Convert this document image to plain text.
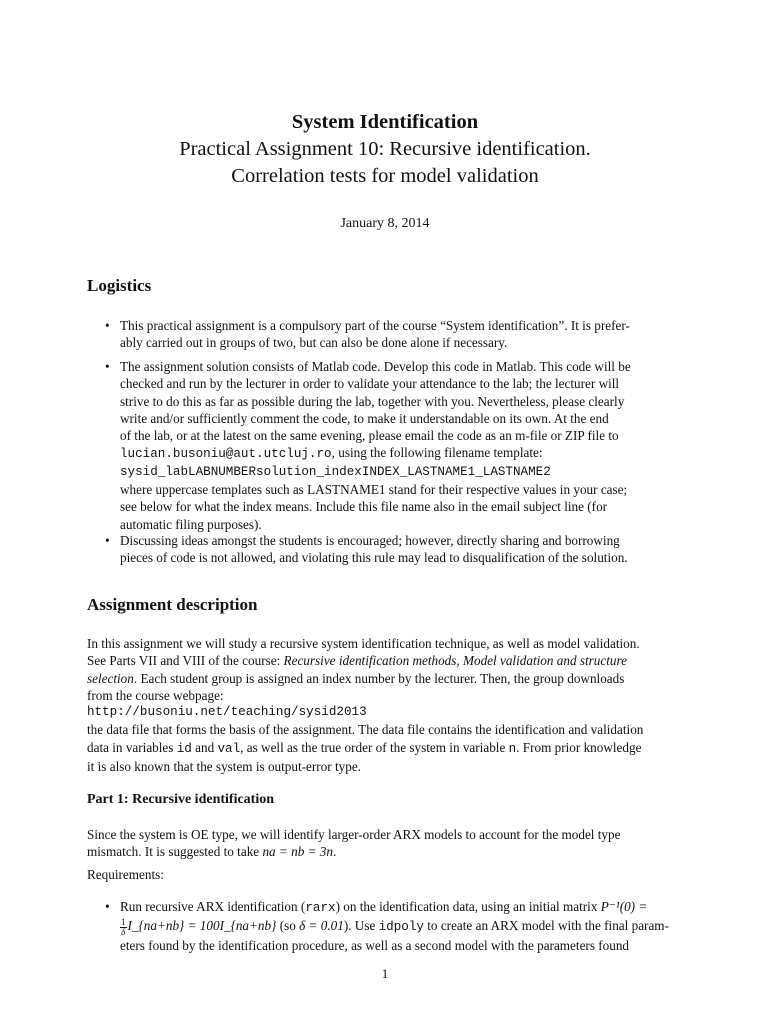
System Identification
Practical Assignment 10: Recursive identification.
Correlation tests for model validation
January 8, 2014
Logistics
• This practical assignment is a compulsory part of the course “System identification”. It is prefer-
ably carried out in groups of two, but can also be done alone if necessary.
• The assignment solution consists of Matlab code. Develop this code in Matlab. This code will be
checked and run by the lecturer in order to validate your attendance to the lab; the lecturer will
strive to do this as far as possible during the lab, together with you. Nevertheless, please clearly
write and/or sufficiently comment the code, to make it understandable on its own. At the end
of the lab, or at the latest on the same evening, please email the code as an m-file or ZIP file to
lucian.busoniu@aut.utcluj.ro, using the following filename template:
sysid_labLABNUMBERsolution_indexINDEX_LASTNAME1_LASTNAME2
where uppercase templates such as LASTNAME1 stand for their respective values in your case;
see below for what the index means. Include this file name also in the email subject line (for
automatic filing purposes).
• Discussing ideas amongst the students is encouraged; however, directly sharing and borrowing
pieces of code is not allowed, and violating this rule may lead to disqualification of the solution.
Assignment description
In this assignment we will study a recursive system identification technique, as well as model validation.
See Parts VII and VIII of the course: Recursive identification methods, Model validation and structure
selection. Each student group is assigned an index number by the lecturer. Then, the group downloads
from the course webpage:
http://busoniu.net/teaching/sysid2013
the data file that forms the basis of the assignment. The data file contains the identification and validation
data in variables id and val, as well as the true order of the system in variable n. From prior knowledge
it is also known that the system is output-error type.
Part 1: Recursive identification
Since the system is OE type, we will identify larger-order ARX models to account for the model type
mismatch. It is suggested to take na = nb = 3n.
Requirements:
• Run recursive ARX identification (rarx) on the identification data, using an initial matrix P⁻¹(0) =
$\frac{1}{\delta}$ I_{na+nb} = 100I_{na+nb} (so δ = 0.01). Use idpoly to create an ARX model with the final param-
eters found by the identification procedure, as well as a second model with the parameters found
1
